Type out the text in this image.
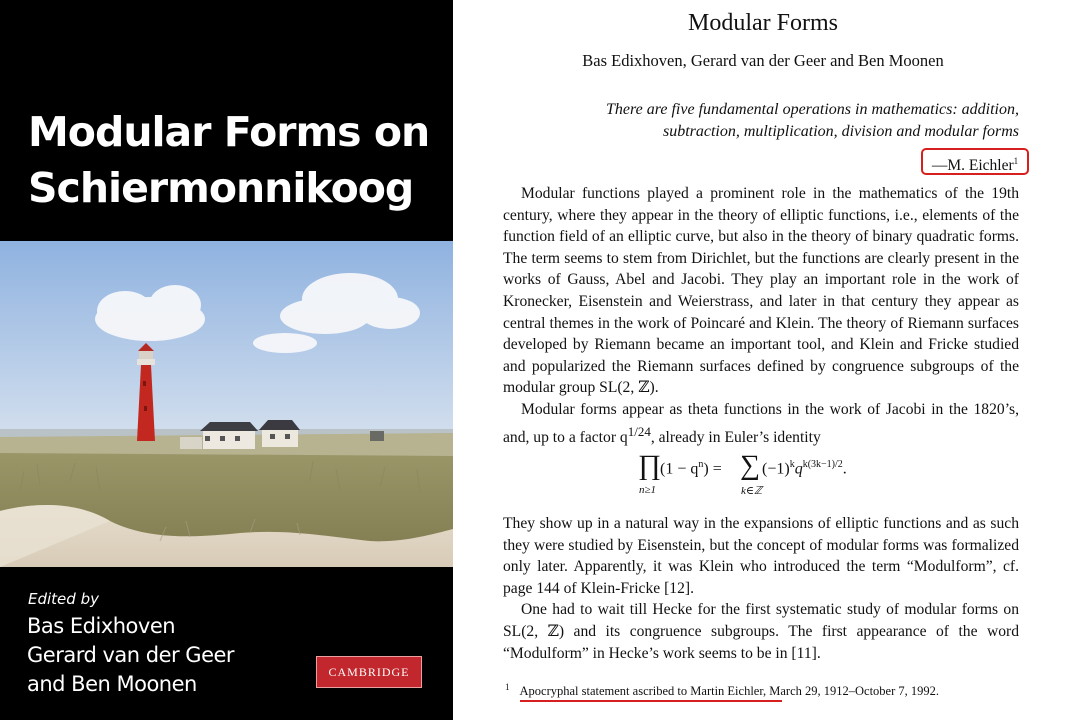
Modular Forms on
Schiermonnikoog
Edited by
Bas Edixhoven
Gerard van der Geer
and Ben Moonen	CAMBRIDGE
Modular Forms
Bas Edixhoven, Gerard van der Geer and Ben Moonen
There are five fundamental operations in mathematics: addition,
subtraction, multiplication, division and modular forms
—M. Eichler$^1$

Modular functions played a prominent role in the mathematics of the 19th century, where they appear in the theory of elliptic functions, i.e., elements of the function field of an elliptic curve, but also in the theory of binary quadratic forms. The term seems to stem from Dirichlet, but the functions are clearly present in the works of Gauss, Abel and Jacobi. They play an important role in the work of Kronecker, Eisenstein and Weierstrass, and later in that century they appear as central themes in the work of Poincaré and Klein. The theory of Riemann surfaces developed by Riemann became an important tool, and Klein and Fricke studied and popularized the Riemann surfaces defined by congruence subgroups of the modular group SL(2, ℤ).

Modular forms appear as theta functions in the work of Jacobi in the 1820’s, and, up to a factor $q^{1/24}$, already in Euler’s identity

∏
n≥1
$(1 - q^n)$ = ∑
k∈ℤ
$(-1)^kq^{k(3k-1)/2}$.

They show up in a natural way in the expansions of elliptic functions and as such they were studied by Eisenstein, but the concept of modular forms was formalized only later. Apparently, it was Klein who introduced the term “Modulform”, cf. page 144 of Klein-Fricke [12].

One had to wait till Hecke for the first systematic study of modular forms on SL(2, ℤ) and its congruence subgroups. The first appearance of the word “Modulform” in Hecke’s work seems to be in [11].

$^1$ Apocryphal statement ascribed to Martin Eichler, March 29, 1912–October 7, 1992.
